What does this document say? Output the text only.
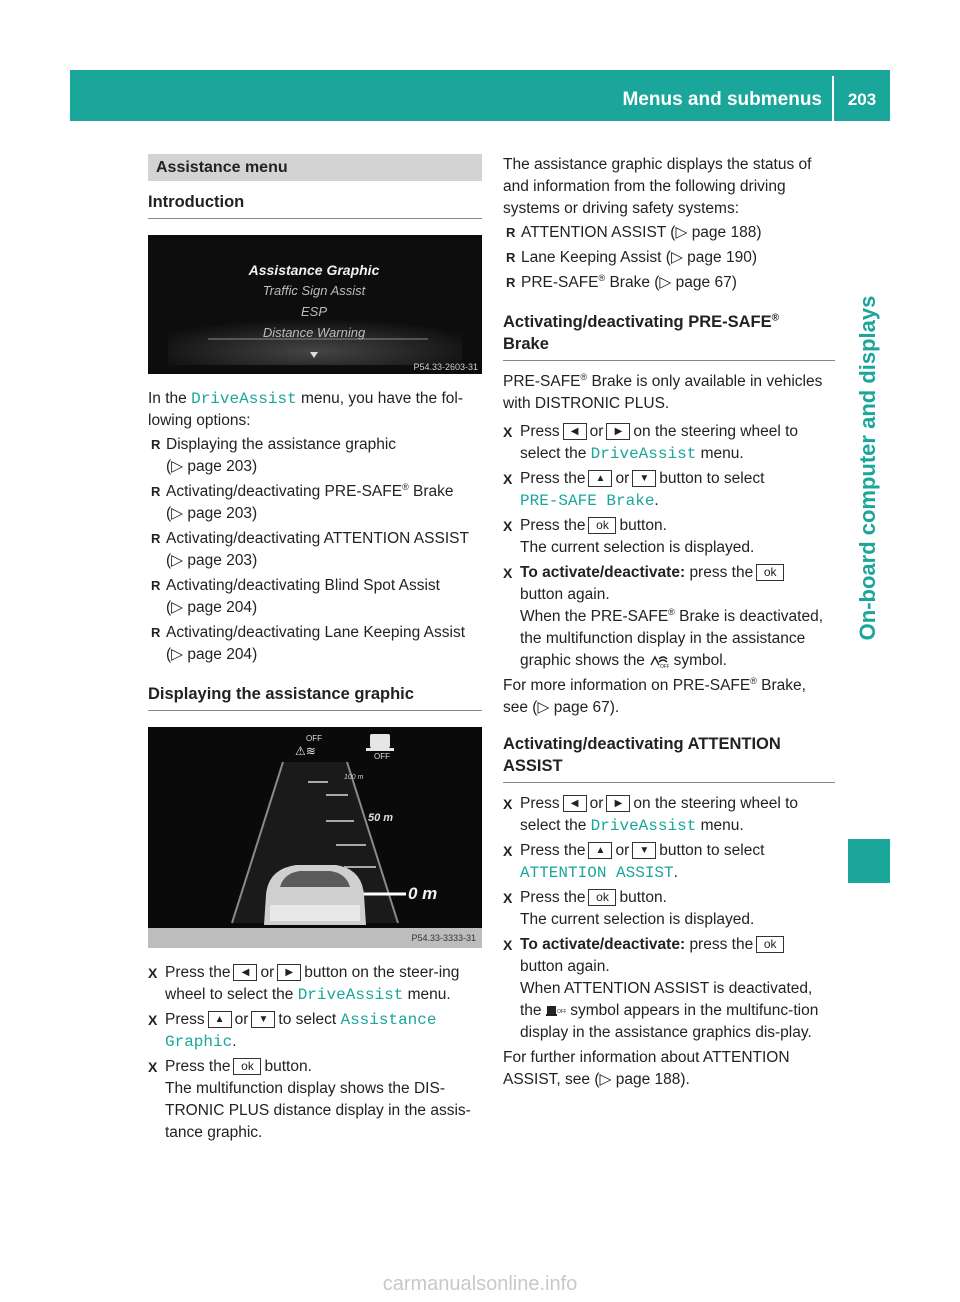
Menus and submenus	203
On-board computer and displays
Assistance menu
Introduction
Assistance Graphic
Traffic Sign Assist
ESP
Distance Warning
P54.33-2603-31

In the DriveAssist menu, you have the fol-lowing options:

R Displaying the assistance graphic
(▷ page 203)
R Activating/deactivating PRE-SAFE® Brake
(▷ page 203)
R Activating/deactivating ATTENTION ASSIST (▷ page 203)
R Activating/deactivating Blind Spot Assist
(▷ page 204)
R Activating/deactivating Lane Keeping Assist (▷ page 204)
Displaying the assistance graphic
OFF
⚠︎≋	OFF
100 m
50 m
0 m
P54.33-3333-31
X Press the ◀ or ▶ button on the steer-ing wheel to select the DriveAssist menu.
X Press ▲ or ▼ to select Assistance
Graphic.
X Press the ok button.
The multifunction display shows the DIS-TRONIC PLUS distance display in the assis-tance graphic.

The assistance graphic displays the status of and information from the following driving systems or driving safety systems:

R ATTENTION ASSIST (▷ page 188)
R Lane Keeping Assist (▷ page 190)
R PRE-SAFE® Brake (▷ page 67)
Activating/deactivating PRE-SAFE®
Brake

PRE-SAFE® Brake is only available in vehicles with DISTRONIC PLUS.

X Press ◀ or ▶ on the steering wheel to select the DriveAssist menu.
X Press the ▲ or ▼ button to select
PRE-SAFE Brake.
X Press the ok button.
The current selection is displayed.
X To activate/deactivate: press the ok
button again.
When the PRE-SAFE® Brake is deactivated, the multifunction display in the assistance graphic shows the	OFF symbol.

For more information on PRE-SAFE® Brake, see (▷ page 67).

Activating/deactivating ATTENTION ASSIST
X Press ◀ or ▶ on the steering wheel to select the DriveAssist menu.
X Press the ▲ or ▼ button to select
ATTENTION ASSIST.
X Press the ok button.
The current selection is displayed.
X To activate/deactivate: press the ok
button again.
When ATTENTION ASSIST is deactivated, the	OFF symbol appears in the multifunc-tion display in the assistance graphics dis-play.

For further information about ATTENTION ASSIST, see (▷ page 188).

carmanualsonline.info
